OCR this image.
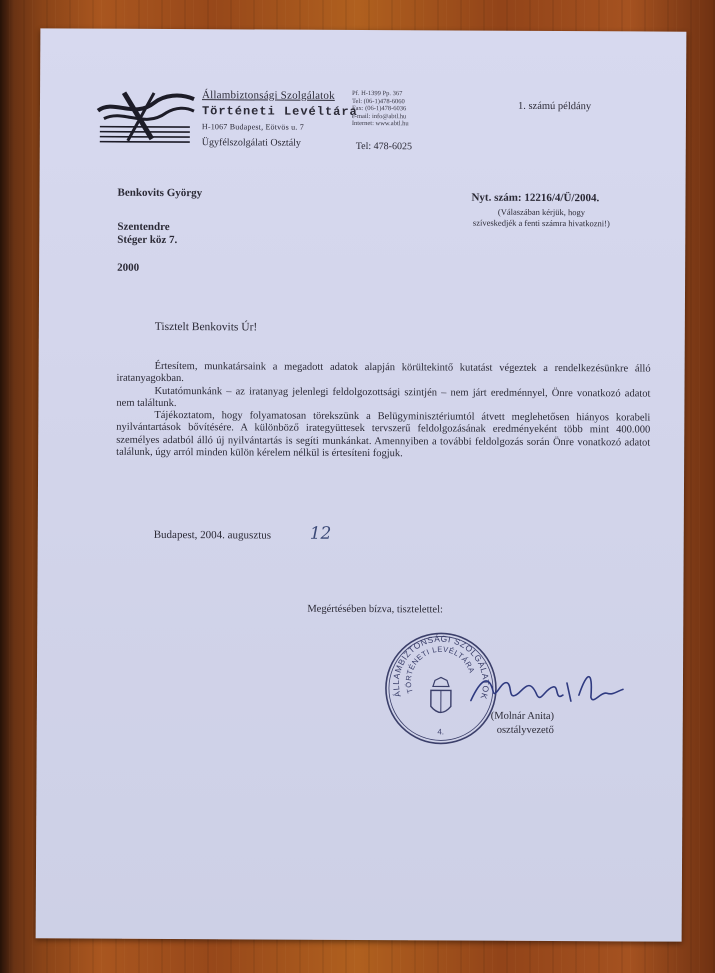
Állambiztonsági Szolgálatok
Történeti Levéltára
H-1067 Budapest, Eötvös u. 7
Ügyfélszolgálati Osztály
Pf. H-1399 Pp. 367
Tel: (06-1)478-6060
Fax: (06-1)478-6036
e-mail: info@abtl.hu
Internet: www.abtl.hu
Tel: 478-6025
1. számú példány
Benkovits György
Szentendre
Stéger köz 7.
2000
Nyt. szám: 12216/4/Ü/2004.
(Válaszában kérjük, hogy
szíveskedjék a fenti számra hivatkozni!)
Tisztelt Benkovits Úr!

Értesítem, munkatársaink a megadott adatok alapján körültekintő kutatást végeztek a rendelkezésünkre álló iratanyagokban.

Kutatómunkánk – az iratanyag jelenlegi feldolgozottsági szintjén – nem járt eredménnyel, Önre vonatkozó adatot nem találtunk.

Tájékoztatom, hogy folyamatosan törekszünk a Belügyminisztériumtól átvett meglehetősen hiányos korabeli nyilvántartások bővítésére. A különböző irategyüttesek tervszerű feldolgozásának eredményeként több mint 400.000 személyes adatból álló új nyilvántartás is segíti munkánkat. Amennyiben a további feldolgozás során Önre vonatkozó adatot találunk, úgy arról minden külön kérelem nélkül is értesíteni fogjuk.

Budapest, 2004. augusztus 12
Megértésében bízva, tisztelettel:
ÁLLAMBIZTONSÁGI SZOLGÁLATOK
TÖRTÉNETI LEVÉLTÁRA
4.
(Molnár Anita)
osztályvezető
